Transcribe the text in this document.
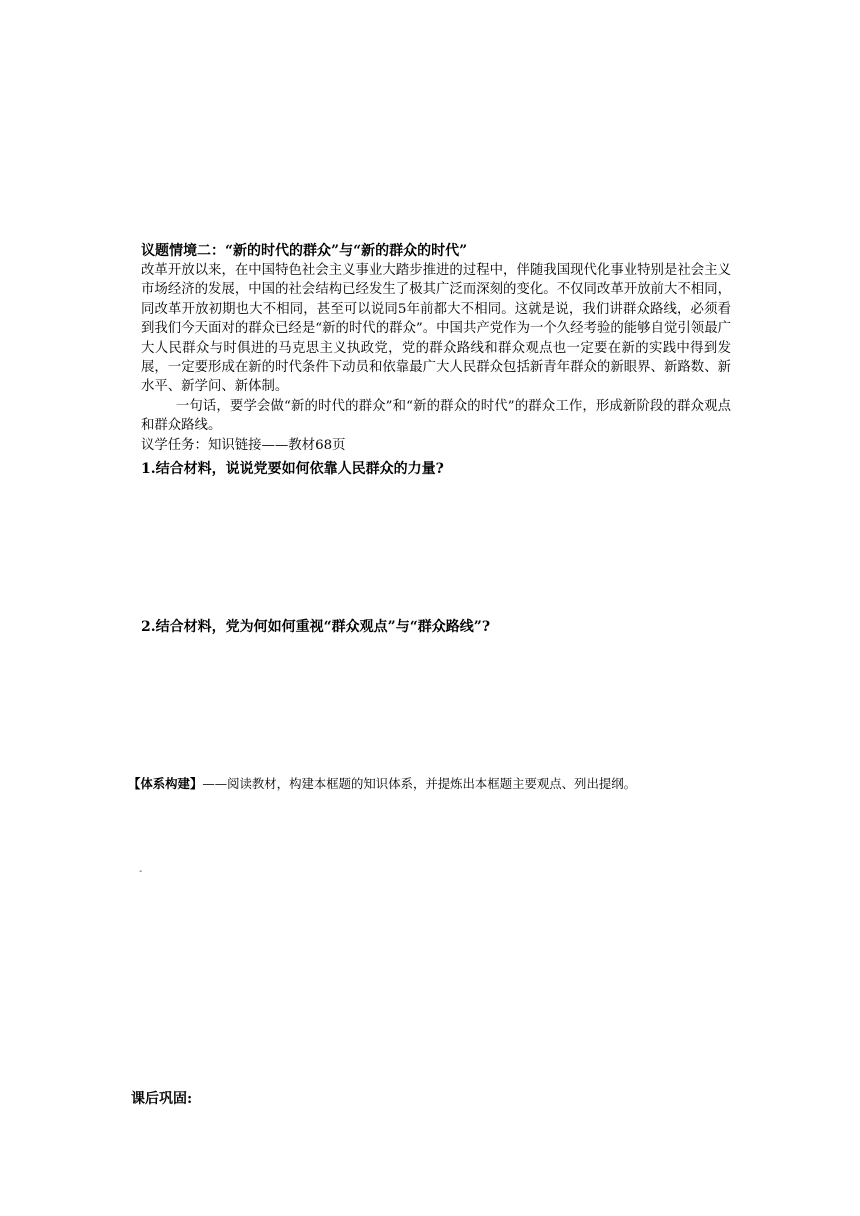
议题情境二：“新的时代的群众”与“新的群众的时代”

改革开放以来，在中国特色社会主义事业大踏步推进的过程中，伴随我国现代化事业特别是社会主义市场经济的发展，中国的社会结构已经发生了极其广泛而深刻的变化。不仅同改革开放前大不相同，同改革开放初期也大不相同，甚至可以说同5年前都大不相同。这就是说，我们讲群众路线，必须看到我们今天面对的群众已经是“新的时代的群众”。中国共产党作为一个久经考验的能够自觉引领最广大人民群众与时俱进的马克思主义执政党，党的群众路线和群众观点也一定要在新的实践中得到发展，一定要形成在新的时代条件下动员和依靠最广大人民群众包括新青年群众的新眼界、新路数、新水平、新学问、新体制。

一句话，要学会做“新的时代的群众”和“新的群众的时代”的群众工作，形成新阶段的群众观点和群众路线。

议学任务：知识链接——教材68页

1.结合材料，说说党要如何依靠人民群众的力量?
2.结合材料，党为何如何重视“群众观点”与“群众路线”?
【体系构建】——阅读教材，构建本框题的知识体系，并提炼出本框题主要观点、列出提纲。
-
课后巩固:
